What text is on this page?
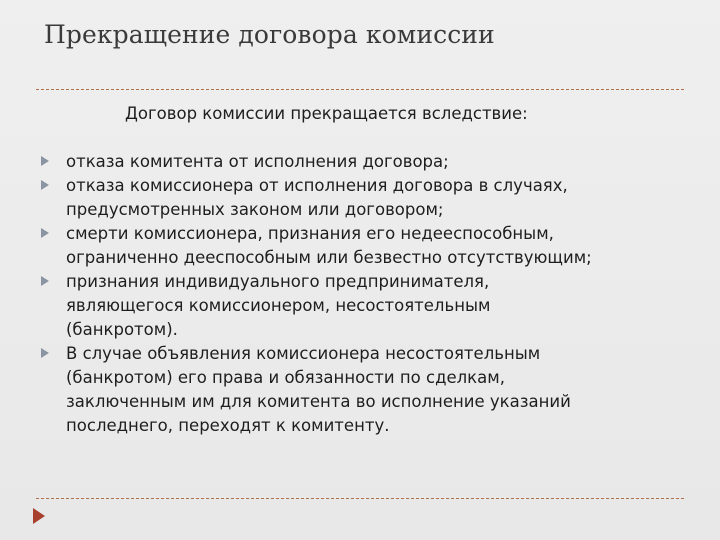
Прекращение договора комиссии
Договор комиссии прекращается вследствие:
отказа комитента от исполнения договора;
отказа комиссионера от исполнения договора в случаях,
предусмотренных законом или договором;
смерти комиссионера, признания его недееспособным,
ограниченно дееспособным или безвестно отсутствующим;
признания индивидуального предпринимателя,
являющегося комиссионером, несостоятельным
(банкротом).
В случае объявления комиссионера несостоятельным
(банкротом) его права и обязанности по сделкам,
заключенным им для комитента во исполнение указаний
последнего, переходят к комитенту.
